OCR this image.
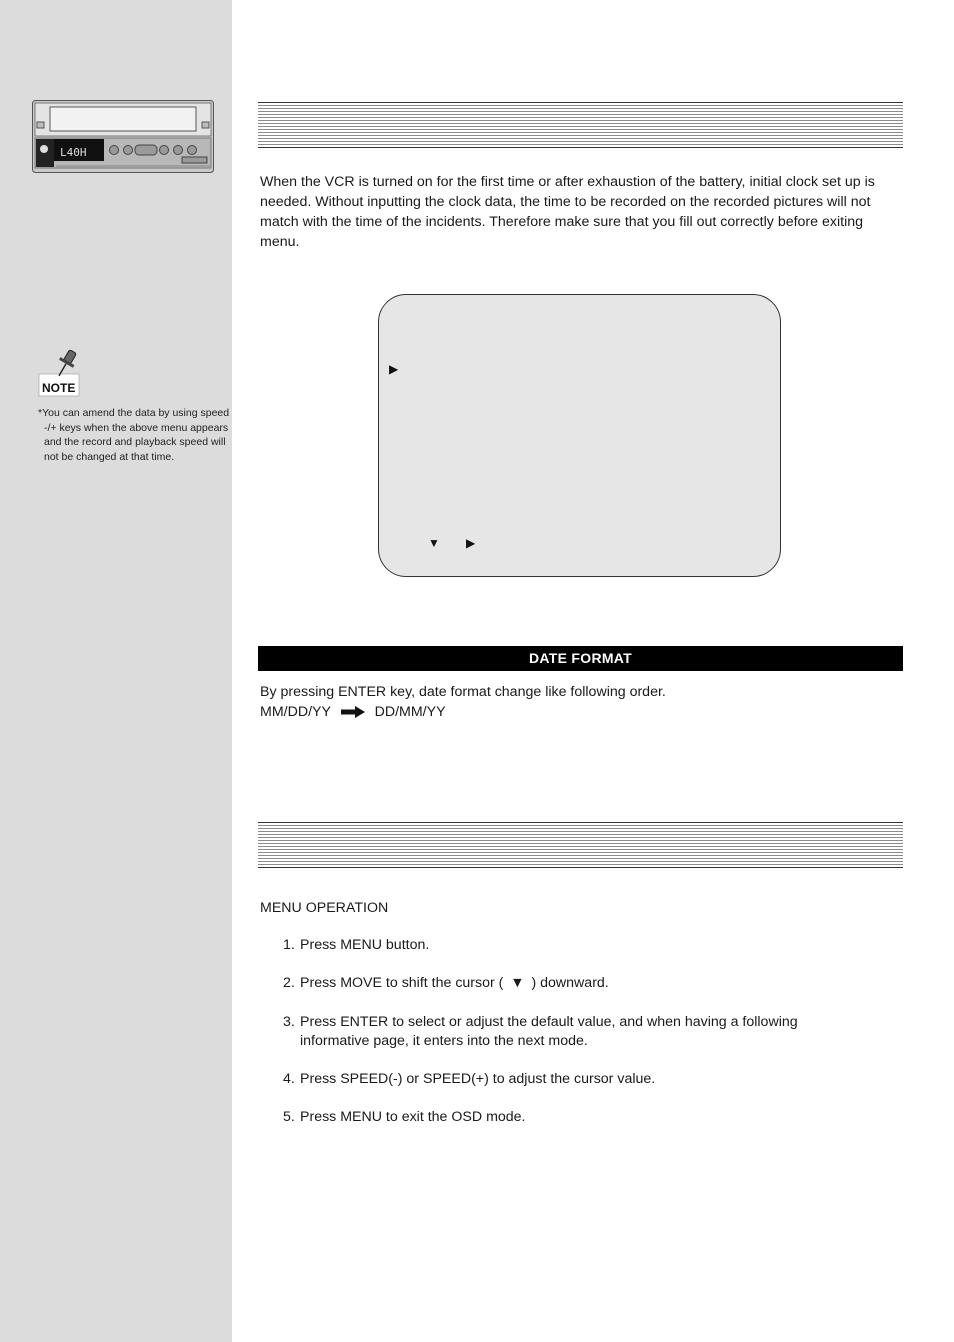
L40H
NOTE
*You can amend the data by using speed -/+ keys when the above menu appears and the record and playback speed will not be changed at that time.
When the VCR is turned on for the first time or after exhaustion of the battery, initial clock set up is needed. Without inputting the clock data, the time to be recorded on the recorded pictures will not match with the time of the incidents. Therefore make sure that you fill out correctly before exiting menu.
▶
▼ ▶
DATE FORMAT
By pressing ENTER key, date format change like following order.
MM/DD/YY	DD/MM/YY
MENU OPERATION
1. Press MENU button.
2. Press MOVE to shift the cursor ( ▼ ) downward.
3. Press ENTER to select or adjust the default value, and when having a following
informative page, it enters into the next mode.
4. Press SPEED(-) or SPEED(+) to adjust the cursor value.
5. Press MENU to exit the OSD mode.
